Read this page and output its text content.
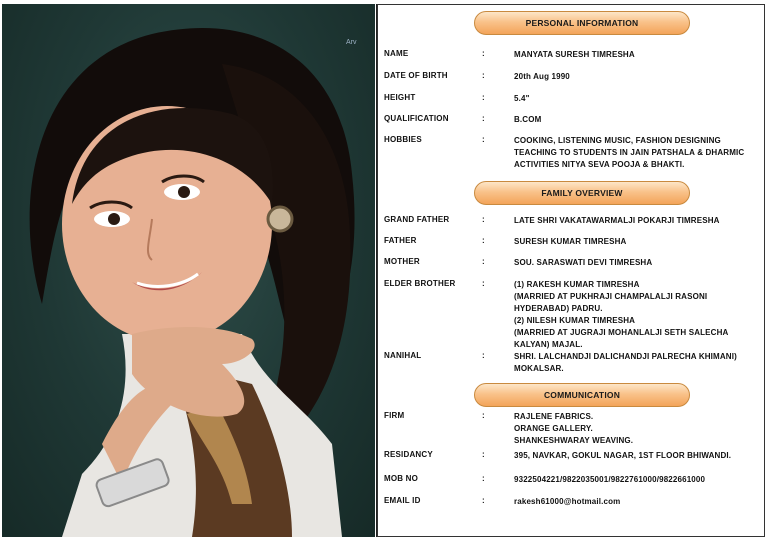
Arv
PERSONAL INFORMATION
NAME	:	MANYATA SURESH TIMRESHA
DATE OF BIRTH	:	20th Aug 1990
HEIGHT	:	5.4"
QUALIFICATION	:	B.COM
HOBBIES	:	COOKING, LISTENING MUSIC, FASHION DESIGNING
TEACHING TO STUDENTS IN JAIN PATSHALA & DHARMIC
ACTIVITIES NITYA SEVA POOJA & BHAKTI.
FAMILY OVERVIEW
GRAND FATHER	:	LATE SHRI VAKATAWARMALJI POKARJI TIMRESHA
FATHER	:	SURESH KUMAR TIMRESHA
MOTHER	:	SOU. SARASWATI DEVI TIMRESHA
ELDER BROTHER	:	(1) RAKESH KUMAR TIMRESHA
(MARRIED AT PUKHRAJI CHAMPALALJI RASONI
HYDERABAD) PADRU.
(2) NILESH KUMAR TIMRESHA
(MARRIED AT JUGRAJI MOHANLALJI SETH SALECHA
KALYAN) MAJAL.
NANIHAL	:	SHRI. LALCHANDJI DALICHANDJI PALRECHA KHIMANI)
MOKALSAR.
COMMUNICATION
FIRM	:	RAJLENE FABRICS.
ORANGE GALLERY.
SHANKESHWARAY WEAVING.
RESIDANCY	:	395, NAVKAR, GOKUL NAGAR, 1ST FLOOR BHIWANDI.
MOB NO	:	9322504221/9822035001/9822761000/9822661000
EMAIL ID	:	rakesh61000@hotmail.com
